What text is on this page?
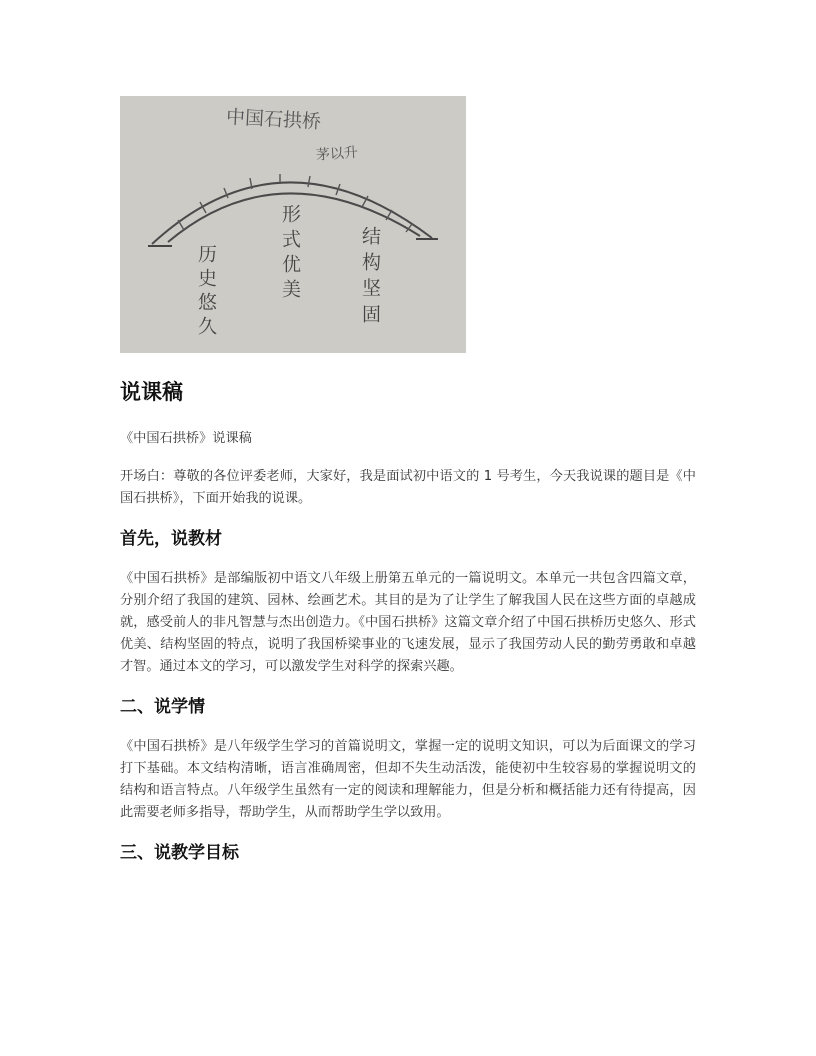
中国石拱桥
茅以升
历史悠久	形式优美	结构坚固
说课稿

《中国石拱桥》说课稿

开场白：尊敬的各位评委老师，大家好，我是面试初中语文的 1 号考生，今天我说课的题目是《中国石拱桥》，下面开始我的说课。

首先，说教材

《中国石拱桥》是部编版初中语文八年级上册第五单元的一篇说明文。本单元一共包含四篇文章，分别介绍了我国的建筑、园林、绘画艺术。其目的是为了让学生了解我国人民在这些方面的卓越成就，感受前人的非凡智慧与杰出创造力。《中国石拱桥》这篇文章介绍了中国石拱桥历史悠久、形式优美、结构坚固的特点，说明了我国桥梁事业的飞速发展，显示了我国劳动人民的勤劳勇敢和卓越才智。通过本文的学习，可以激发学生对科学的探索兴趣。

二、说学情

《中国石拱桥》是八年级学生学习的首篇说明文，掌握一定的说明文知识，可以为后面课文的学习打下基础。本文结构清晰，语言准确周密，但却不失生动活泼，能使初中生较容易的掌握说明文的结构和语言特点。八年级学生虽然有一定的阅读和理解能力，但是分析和概括能力还有待提高，因此需要老师多指导，帮助学生，从而帮助学生学以致用。

三、说教学目标
